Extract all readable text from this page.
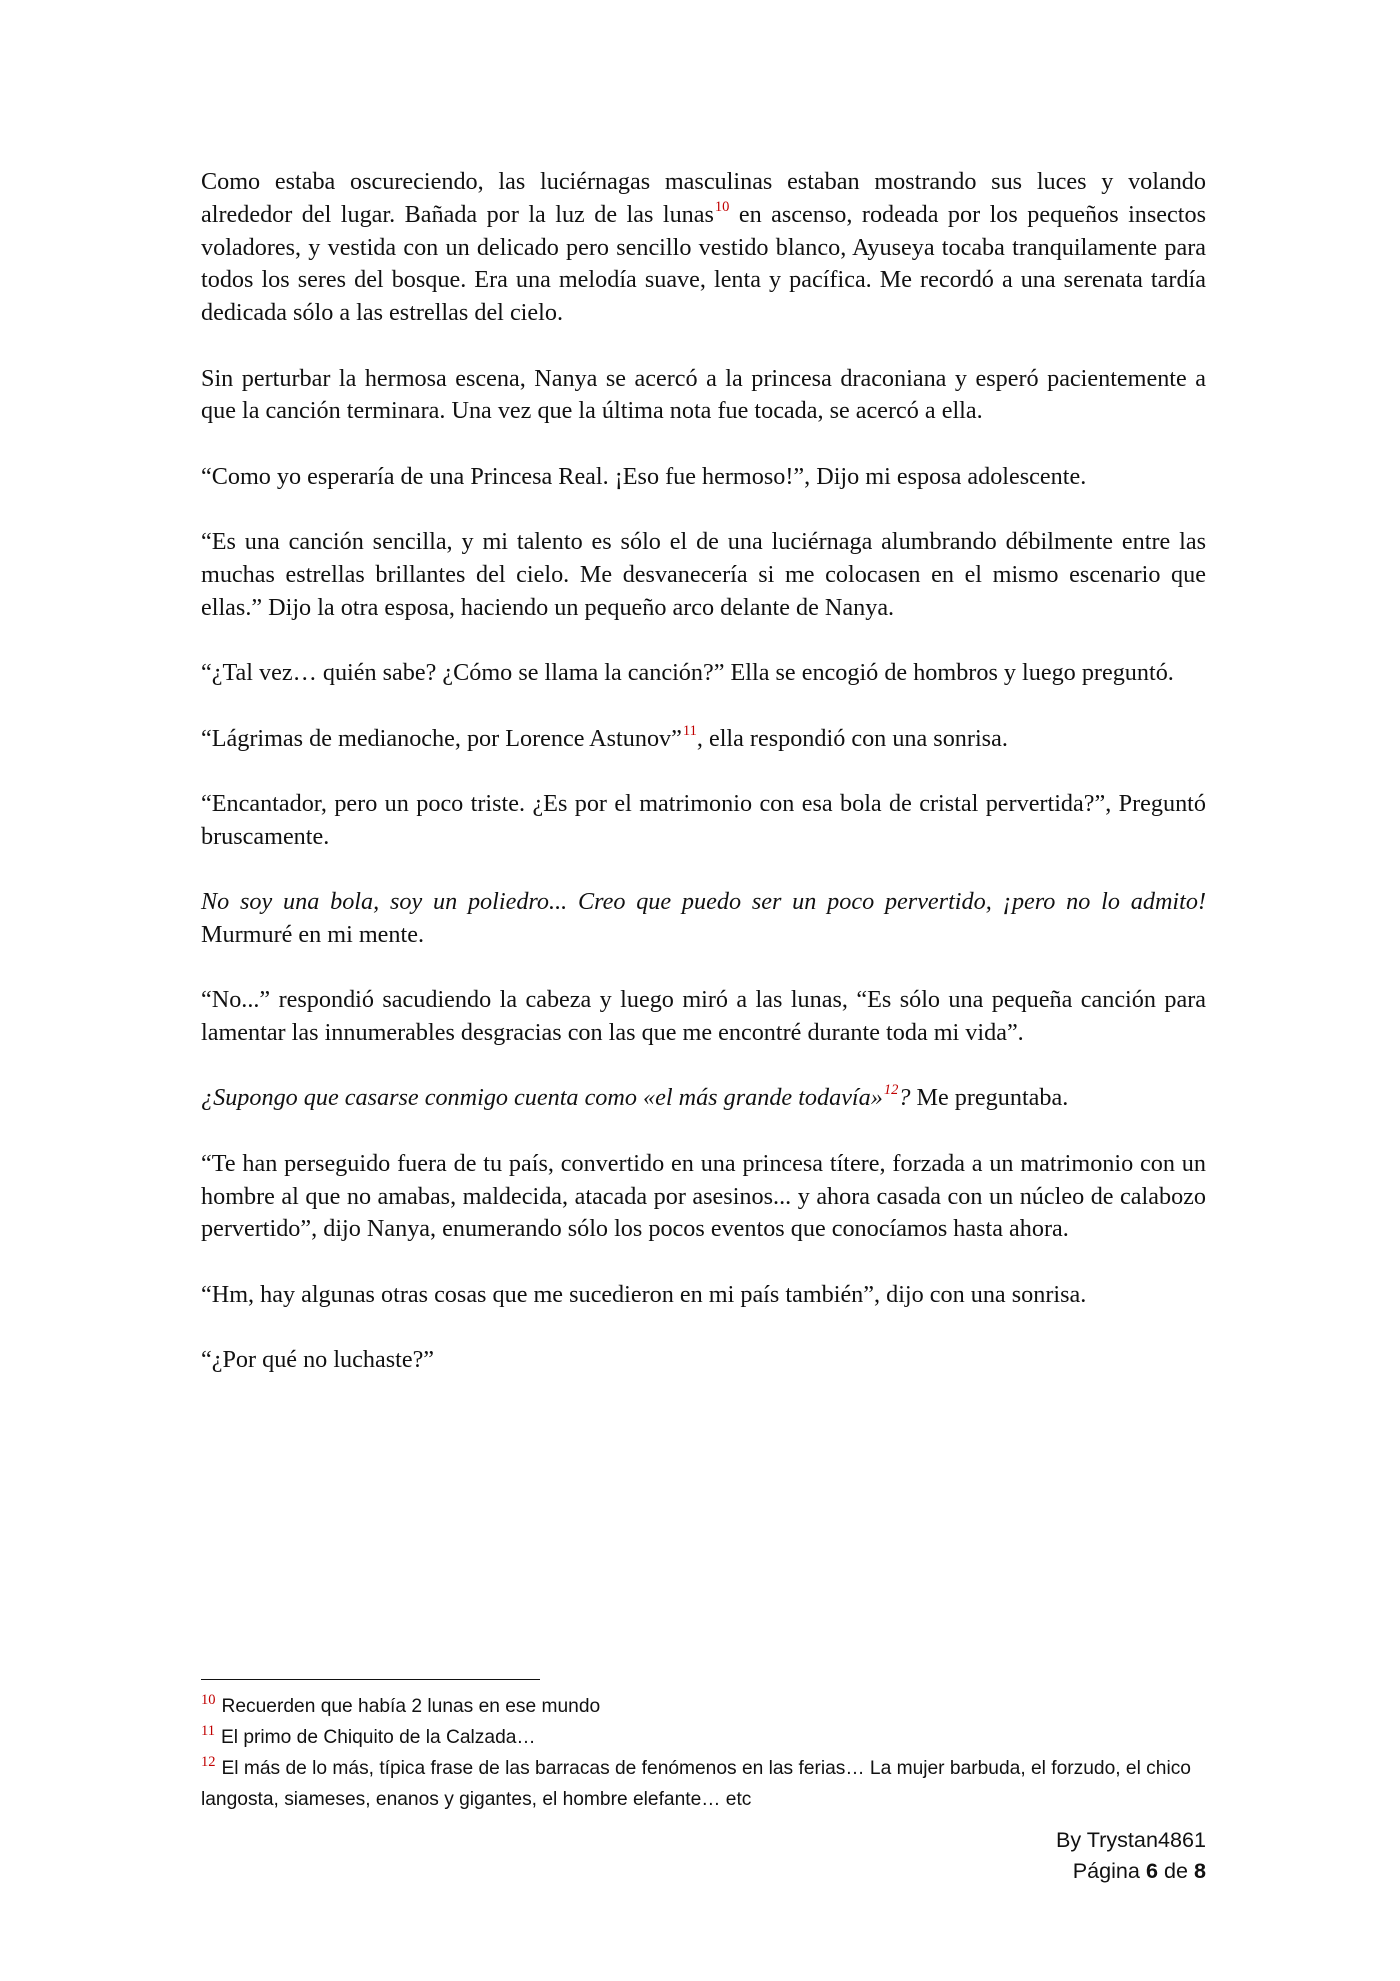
Como estaba oscureciendo, las luciérnagas masculinas estaban mostrando sus luces y volando alrededor del lugar. Bañada por la luz de las lunas$^{10}$ en ascenso, rodeada por los pequeños insectos voladores, y vestida con un delicado pero sencillo vestido blanco, Ayuseya tocaba tranquilamente para todos los seres del bosque. Era una melodía suave, lenta y pacífica. Me recordó a una serenata tardía dedicada sólo a las estrellas del cielo.

Sin perturbar la hermosa escena, Nanya se acercó a la princesa draconiana y esperó pacientemente a que la canción terminara. Una vez que la última nota fue tocada, se acercó a ella.

“Como yo esperaría de una Princesa Real. ¡Eso fue hermoso!”, Dijo mi esposa adolescente.

“Es una canción sencilla, y mi talento es sólo el de una luciérnaga alumbrando débilmente entre las muchas estrellas brillantes del cielo. Me desvanecería si me colocasen en el mismo escenario que ellas.” Dijo la otra esposa, haciendo un pequeño arco delante de Nanya.

“¿Tal vez… quién sabe? ¿Cómo se llama la canción?” Ella se encogió de hombros y luego preguntó.

“Lágrimas de medianoche, por Lorence Astunov”$^{11}$, ella respondió con una sonrisa.

“Encantador, pero un poco triste. ¿Es por el matrimonio con esa bola de cristal pervertida?”, Preguntó bruscamente.

No soy una bola, soy un poliedro... Creo que puedo ser un poco pervertido, ¡pero no lo admito! Murmuré en mi mente.

“No...” respondió sacudiendo la cabeza y luego miró a las lunas, “Es sólo una pequeña canción para lamentar las innumerables desgracias con las que me encontré durante toda mi vida”.

¿Supongo que casarse conmigo cuenta como «el más grande todavía»$^{12}$? Me preguntaba.

“Te han perseguido fuera de tu país, convertido en una princesa títere, forzada a un matrimonio con un hombre al que no amabas, maldecida, atacada por asesinos... y ahora casada con un núcleo de calabozo pervertido”, dijo Nanya, enumerando sólo los pocos eventos que conocíamos hasta ahora.

“Hm, hay algunas otras cosas que me sucedieron en mi país también”, dijo con una sonrisa.

“¿Por qué no luchaste?”

$^{10}$ Recuerden que había 2 lunas en ese mundo

$^{11}$ El primo de Chiquito de la Calzada…

$^{12}$ El más de lo más, típica frase de las barracas de fenómenos en las ferias… La mujer barbuda, el forzudo, el chico langosta, siameses, enanos y gigantes, el hombre elefante… etc

By Trystan4861
Página 6 de 8
